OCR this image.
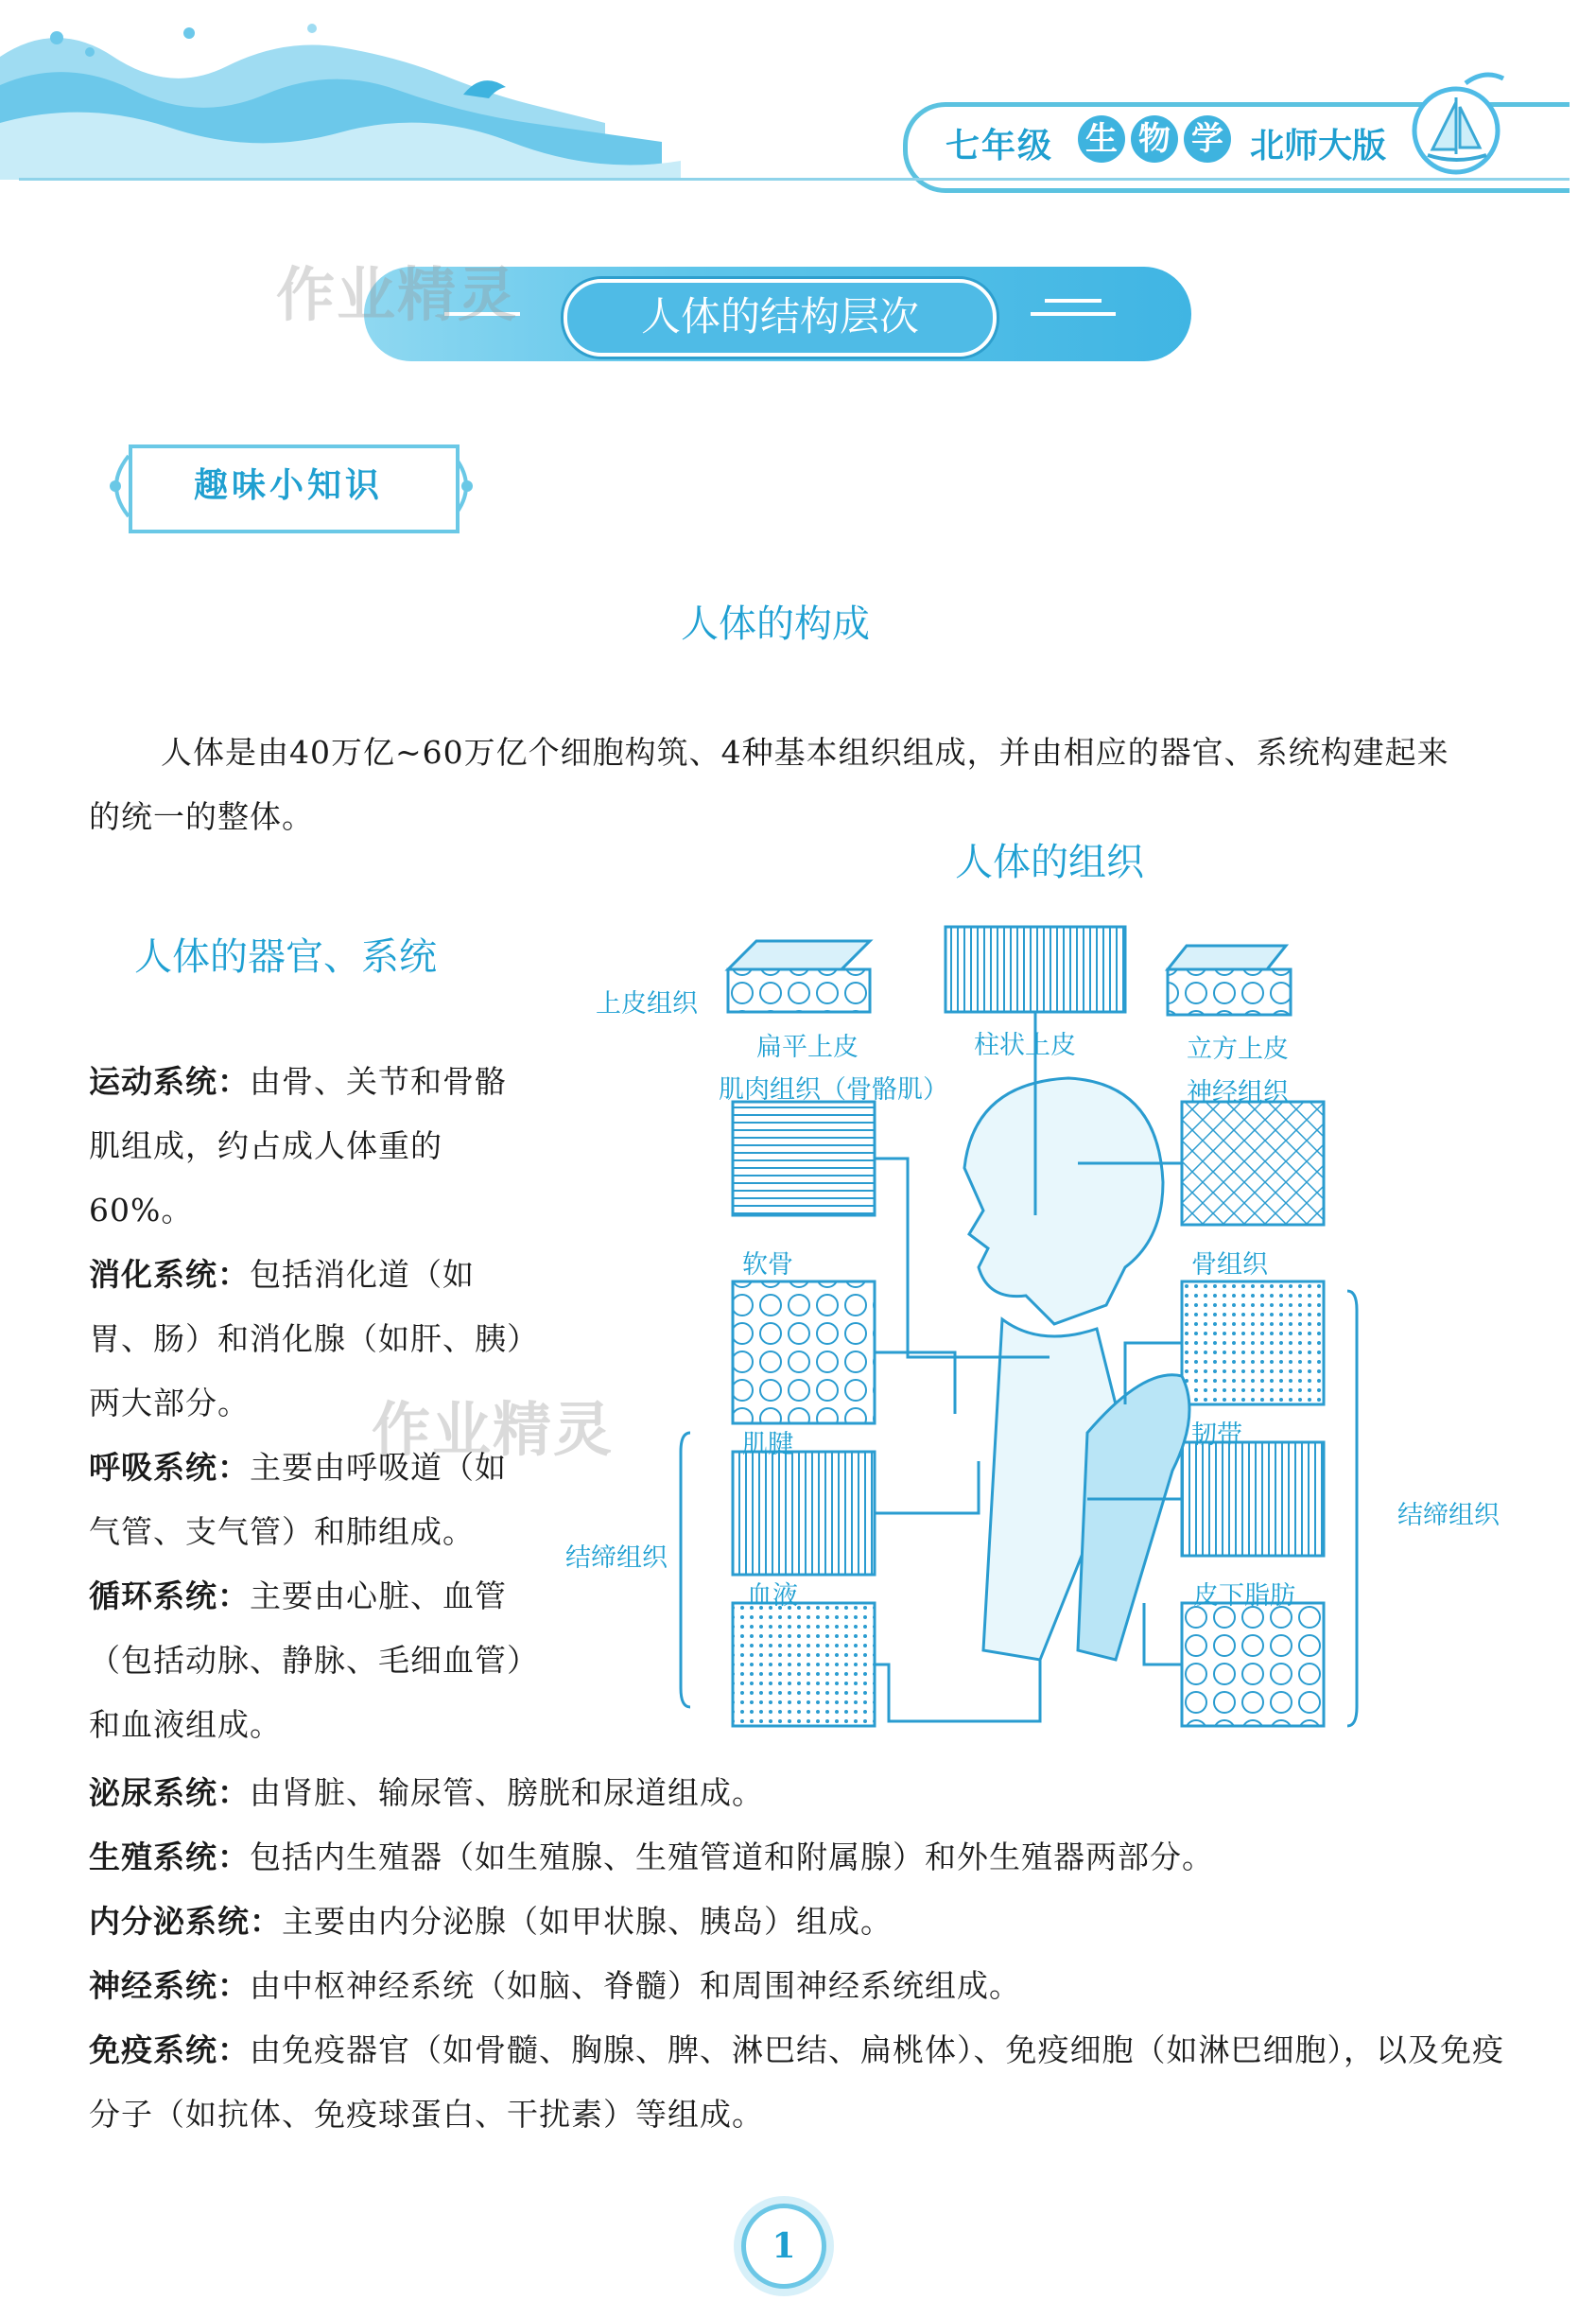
七年级 生 物 学 北师大版
人体的结构层次
作业精灵
作业精灵
趣味小知识
人体的构成
人体是由40万亿~60万亿个细胞构筑、4种基本组织组成，并由相应的器官、系统构建起来的统一的整体。
人体的器官、系统

运动系统：由骨、关节和骨骼肌组成，约占成人体重的60%。

消化系统：包括消化道（如胃、肠）和消化腺（如肝、胰）两大部分。

呼吸系统：主要由呼吸道（如气管、支气管）和肺组成。

循环系统：主要由心脏、血管（包括动脉、静脉、毛细血管）和血液组成。

泌尿系统：由肾脏、输尿管、膀胱和尿道组成。
生殖系统：包括内生殖器（如生殖腺、生殖管道和附属腺）和外生殖器两部分。
内分泌系统：主要由内分泌腺（如甲状腺、胰岛）组成。
神经系统：由中枢神经系统（如脑、脊髓）和周围神经系统组成。
免疫系统：由免疫器官（如骨髓、胸腺、脾、淋巴结、扁桃体）、免疫细胞（如淋巴细胞），以及免疫分子（如抗体、免疫球蛋白、干扰素）等组成。
人体的组织
上皮组织
扁平上皮	柱状上皮	立方上皮
肌肉组织（骨骼肌）	神经组织
软骨	骨组织
肌腱	韧带
血液	皮下脂肪
结缔组织
结缔组织
1
